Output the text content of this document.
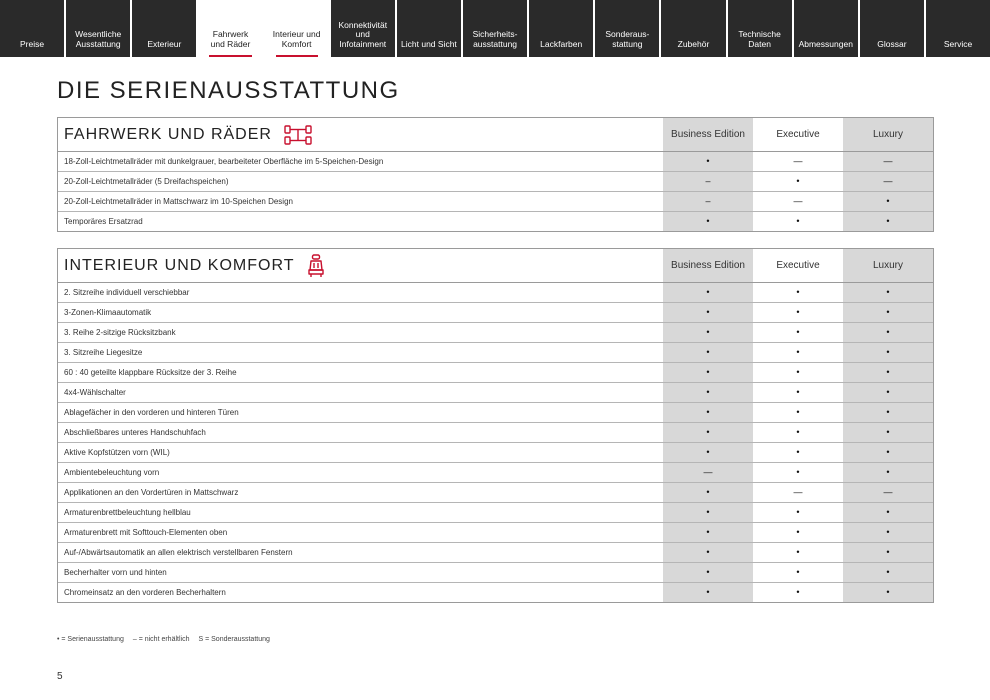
Preise
Wesentliche
Ausstattung	Exterieur
Fahrwerk
und Räder
Interieur und
Komfort
Konnektivität
und
Infotainment	Licht und Sicht
Sicherheits-
ausstattung	Lackfarben
Sonderaus-
stattung	Zubehör
Technische
Daten	Abmessungen	Glossar	Service
DIE SERIENAUSSTATTUNG
FAHRWERK UND RÄDER	Business Edition	Executive	Luxury
18-Zoll-Leichtmetallräder mit dunkelgrauer, bearbeiteter Oberfläche im 5-Speichen-Design	•	—	—
20-Zoll-Leichtmetallräder (5 Dreifachspeichen)	–	•	—
20-Zoll-Leichtmetallräder in Mattschwarz im 10-Speichen Design	–	—	•
Temporäres Ersatzrad	•	•	•
INTERIEUR UND KOMFORT	Business Edition	Executive	Luxury
2. Sitzreihe individuell verschiebbar	•	•	•
3-Zonen-Klimaautomatik	•	•	•
3. Reihe 2-sitzige Rücksitzbank	•	•	•
3. Sitzreihe Liegesitze	•	•	•
60 : 40 geteilte klappbare Rücksitze der 3. Reihe	•	•	•
4x4-Wählschalter	•	•	•
Ablagefächer in den vorderen und hinteren Türen	•	•	•
Abschließbares unteres Handschuhfach	•	•	•
Aktive Kopfstützen vorn (WIL)	•	•	•
Ambientebeleuchtung vorn	—	•	•
Applikationen an den Vordertüren in Mattschwarz	•	—	—
Armaturenbrettbeleuchtung hellblau	•	•	•
Armaturenbrett mit Softtouch-Elementen oben	•	•	•
Auf-/Abwärtsautomatik an allen elektrisch verstellbaren Fenstern	•	•	•
Becherhalter vorn und hinten	•	•	•
Chromeinsatz an den vorderen Becherhaltern	•	•	•
• = Serienausstattung – = nicht erhältlich S = Sonderausstattung
5
